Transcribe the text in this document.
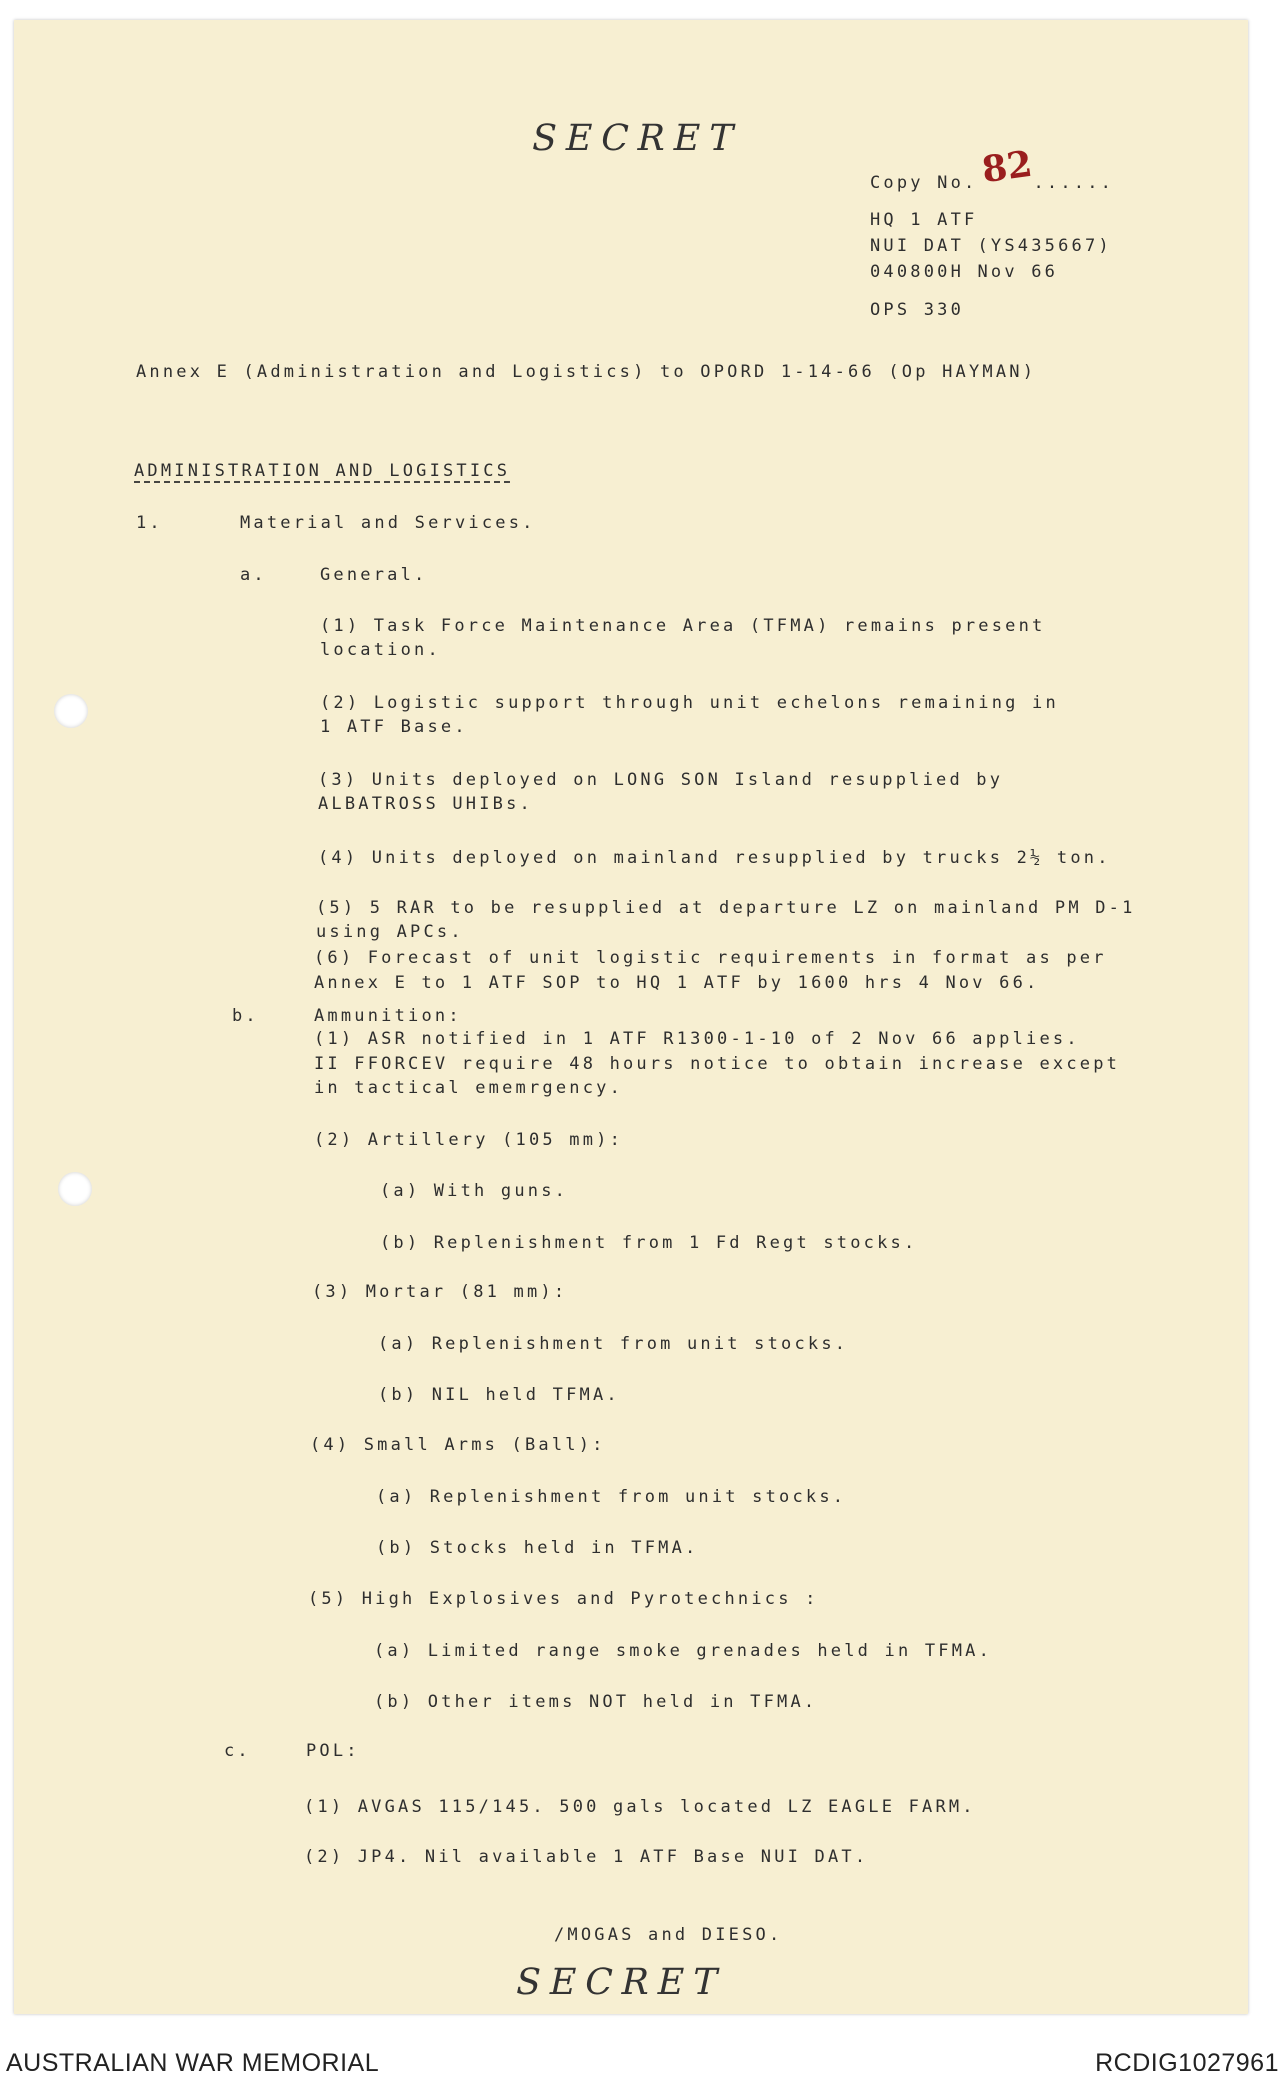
SECRET
Copy No.	......
82
HQ 1 ATF
NUI DAT (YS435667)
040800H Nov 66
OPS 330
Annex E (Administration and Logistics) to OPORD 1-14-66 (Op HAYMAN)
ADMINISTRATION AND LOGISTICS
1.	Material and Services.
a.	General.
(1) Task Force Maintenance Area (TFMA) remains present
location.
(2) Logistic support through unit echelons remaining in
1 ATF Base.
(3) Units deployed on LONG SON Island resupplied by
ALBATROSS UHIBs.
(4) Units deployed on mainland resupplied by trucks 2½ ton.
(5) 5 RAR to be resupplied at departure LZ on mainland PM D-1
using APCs.
(6) Forecast of unit logistic requirements in format as per
Annex E to 1 ATF SOP to HQ 1 ATF by 1600 hrs 4 Nov 66.
b.	Ammunition:
(1) ASR notified in 1 ATF R1300-1-10 of 2 Nov 66 applies.
II FFORCEV require 48 hours notice to obtain increase except
in tactical ememrgency.
(2) Artillery (105 mm):
(a) With guns.
(b) Replenishment from 1 Fd Regt stocks.
(3) Mortar (81 mm):
(a) Replenishment from unit stocks.
(b) NIL held TFMA.
(4) Small Arms (Ball):
(a) Replenishment from unit stocks.
(b) Stocks held in TFMA.
(5) High Explosives and Pyrotechnics :
(a) Limited range smoke grenades held in TFMA.
(b) Other items NOT held in TFMA.
c.	POL:
(1) AVGAS 115/145. 500 gals located LZ EAGLE FARM.
(2) JP4. Nil available 1 ATF Base NUI DAT.
/MOGAS and DIESO.
SECRET
AUSTRALIAN WAR MEMORIAL	RCDIG1027961
